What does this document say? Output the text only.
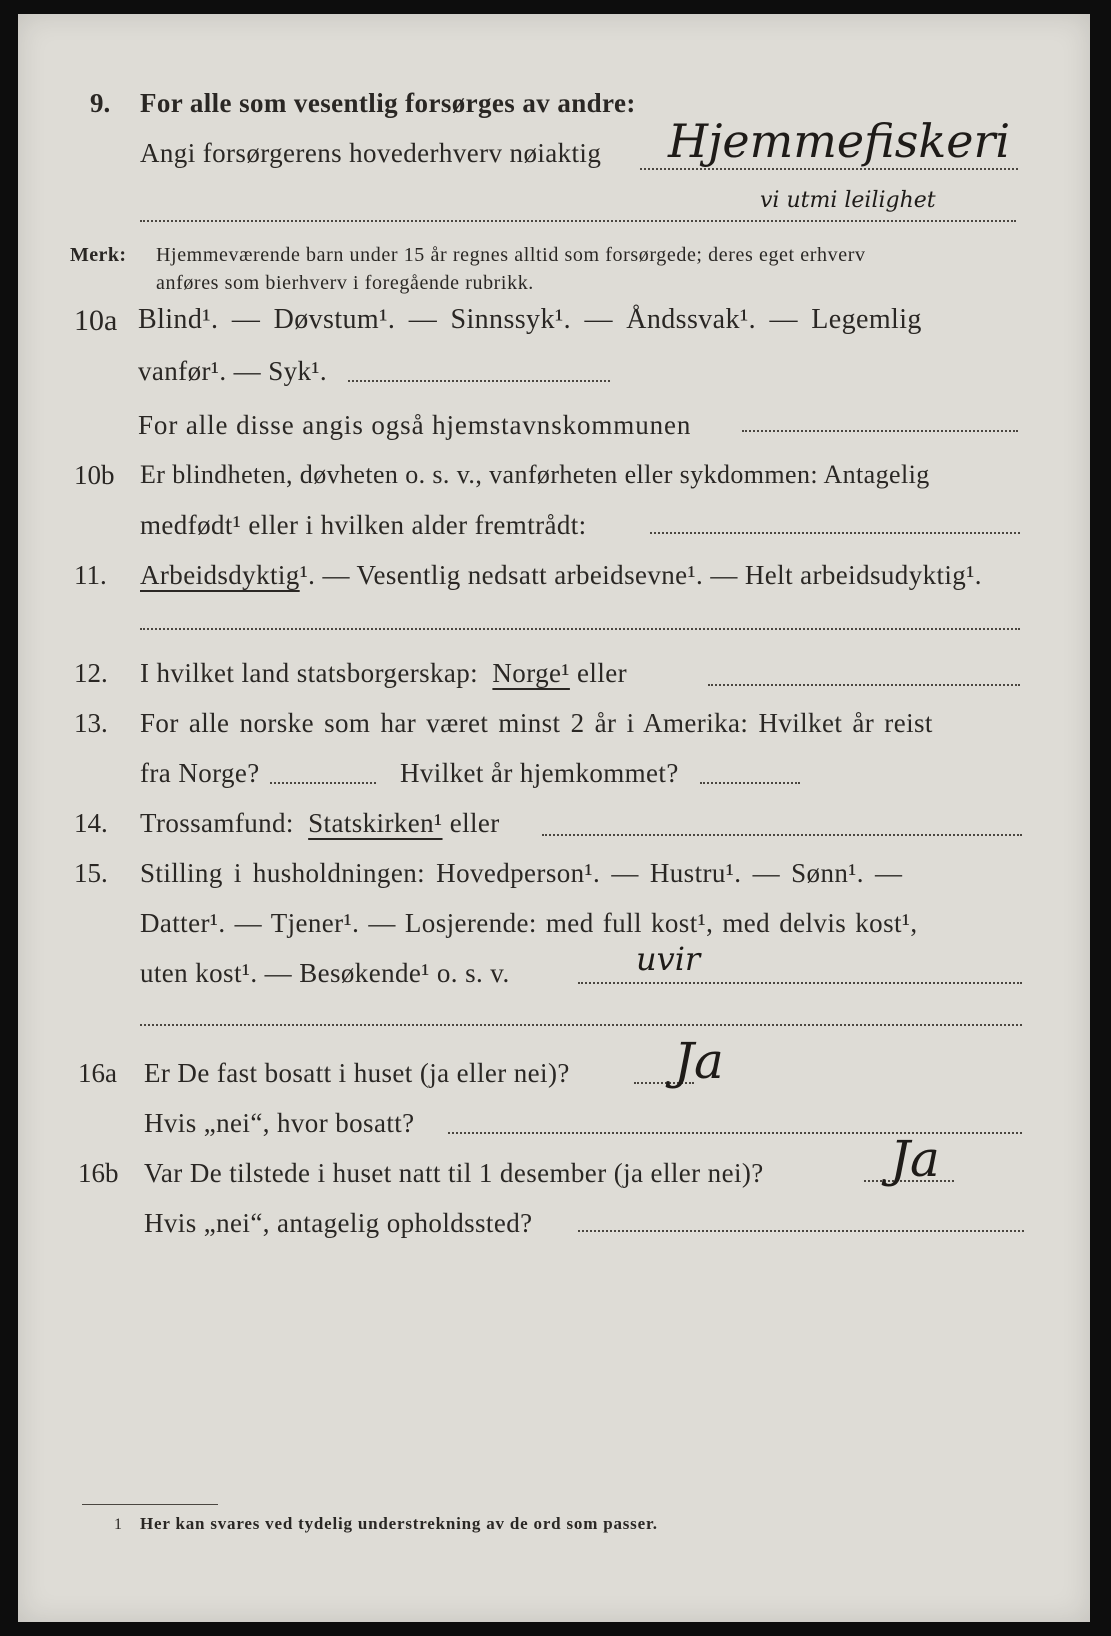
9. For alle som vesentlig forsørges av andre:
Angi forsørgerens hovederhverv nøiaktig Hjemmefiskeri
vi utmi leilighet
Merk: Hjemmeværende barn under 15 år regnes alltid som forsørgede; deres eget erhverv
anføres som bierhverv i foregående rubrikk.
10a Blind¹. — Døvstum¹. — Sinnssyk¹. — Åndssvak¹. — Legemlig
vanfør¹. — Syk¹.
For alle disse angis også hjemstavnskommunen
10b Er blindheten, døvheten o. s. v., vanførheten eller sykdommen: Antagelig
medfødt¹ eller i hvilken alder fremtrådt:
11. Arbeidsdyktig¹. — Vesentlig nedsatt arbeidsevne¹. — Helt arbeidsudyktig¹.
12. I hvilket land statsborgerskap: Norge¹ eller
13. For alle norske som har været minst 2 år i Amerika: Hvilket år reist
fra Norge?	Hvilket år hjemkommet?
14. Trossamfund: Statskirken¹ eller
15. Stilling i husholdningen: Hovedperson¹. — Hustru¹. — Sønn¹. —
Datter¹. — Tjener¹. — Losjerende: med full kost¹, med delvis kost¹,
uten kost¹. — Besøkende¹ o. s. v.	uvir
16a Er De fast bosatt i huset (ja eller nei)? Ja
Hvis „nei“, hvor bosatt?
16b Var De tilstede i huset natt til 1 desember (ja eller nei)?	Ja
Hvis „nei“, antagelig opholdssted?
1 Her kan svares ved tydelig understrekning av de ord som passer.
